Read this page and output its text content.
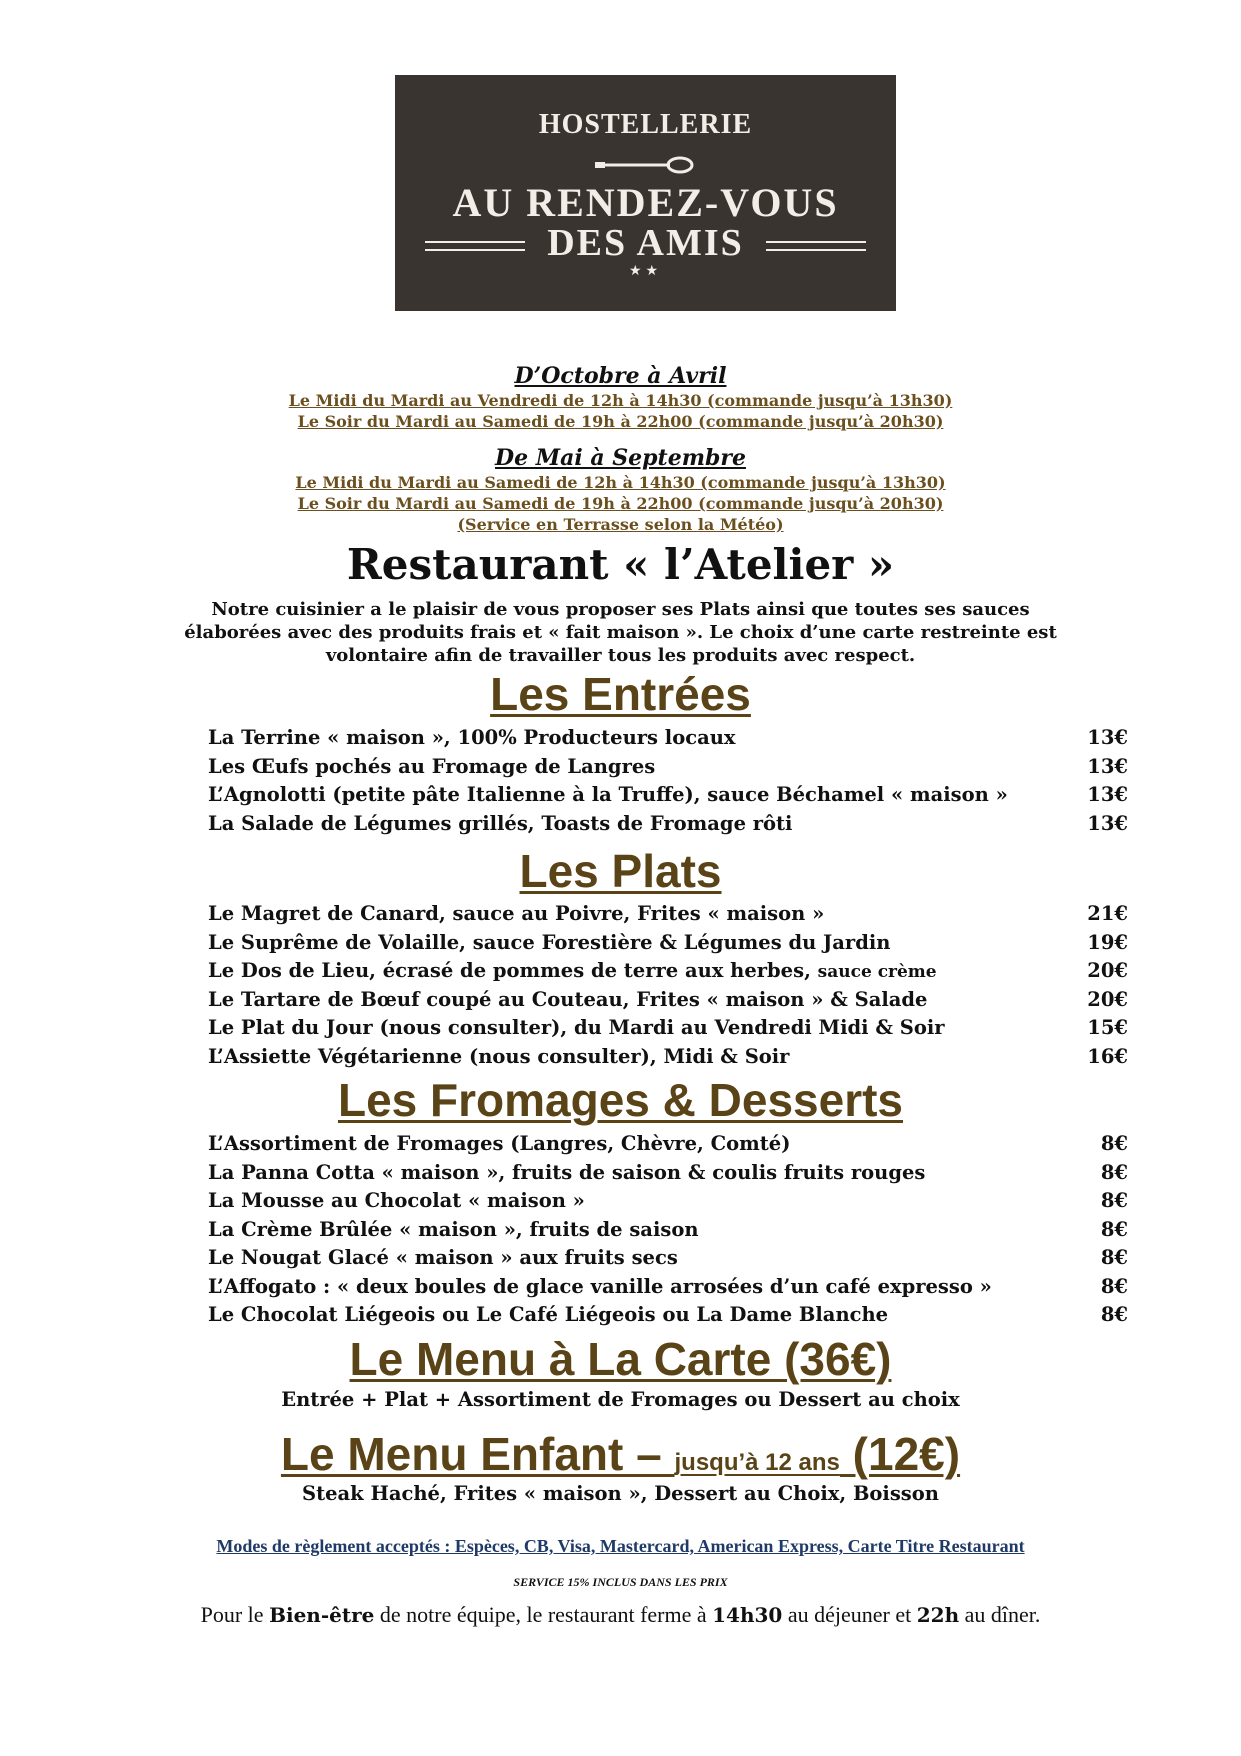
HOSTELLERIE
AU RENDEZ-VOUS
DES AMIS
★★
D’Octobre à Avril
Le Midi du Mardi au Vendredi de 12h à 14h30 (commande jusqu’à 13h30)
Le Soir du Mardi au Samedi de 19h à 22h00 (commande jusqu’à 20h30)
De Mai à Septembre
Le Midi du Mardi au Samedi de 12h à 14h30 (commande jusqu’à 13h30)
Le Soir du Mardi au Samedi de 19h à 22h00 (commande jusqu’à 20h30)
(Service en Terrasse selon la Météo)
Restaurant « l’Atelier »
Notre cuisinier a le plaisir de vous proposer ses Plats ainsi que toutes ses sauces
élaborées avec des produits frais et « fait maison ». Le choix d’une carte restreinte est
volontaire afin de travailler tous les produits avec respect.
Les Entrées
La Terrine « maison », 100% Producteurs locaux	13€
Les Œufs pochés au Fromage de Langres	13€
L’Agnolotti (petite pâte Italienne à la Truffe), sauce Béchamel « maison »	13€
La Salade de Légumes grillés, Toasts de Fromage rôti	13€
Les Plats
Le Magret de Canard, sauce au Poivre, Frites « maison »	21€
Le Suprême de Volaille, sauce Forestière & Légumes du Jardin	19€
Le Dos de Lieu, écrasé de pommes de terre aux herbes, sauce crème	20€
Le Tartare de Bœuf coupé au Couteau, Frites « maison » & Salade	20€
Le Plat du Jour (nous consulter), du Mardi au Vendredi Midi & Soir	15€
L’Assiette Végétarienne (nous consulter), Midi & Soir	16€
Les Fromages & Desserts
L’Assortiment de Fromages (Langres, Chèvre, Comté)	8€
La Panna Cotta « maison », fruits de saison & coulis fruits rouges	8€
La Mousse au Chocolat « maison »	8€
La Crème Brûlée « maison », fruits de saison	8€
Le Nougat Glacé « maison » aux fruits secs	8€
L’Affogato : « deux boules de glace vanille arrosées d’un café expresso »	8€
Le Chocolat Liégeois ou Le Café Liégeois ou La Dame Blanche	8€
Le Menu à La Carte (36€)
Entrée + Plat + Assortiment de Fromages ou Dessert au choix
Le Menu Enfant – jusqu’à 12 ans (12€)
Steak Haché, Frites « maison », Dessert au Choix, Boisson
Modes de règlement acceptés : Espèces, CB, Visa, Mastercard, American Express, Carte Titre Restaurant
SERVICE 15% INCLUS DANS LES PRIX
Pour le Bien-être de notre équipe, le restaurant ferme à 14h30 au déjeuner et 22h au dîner.
